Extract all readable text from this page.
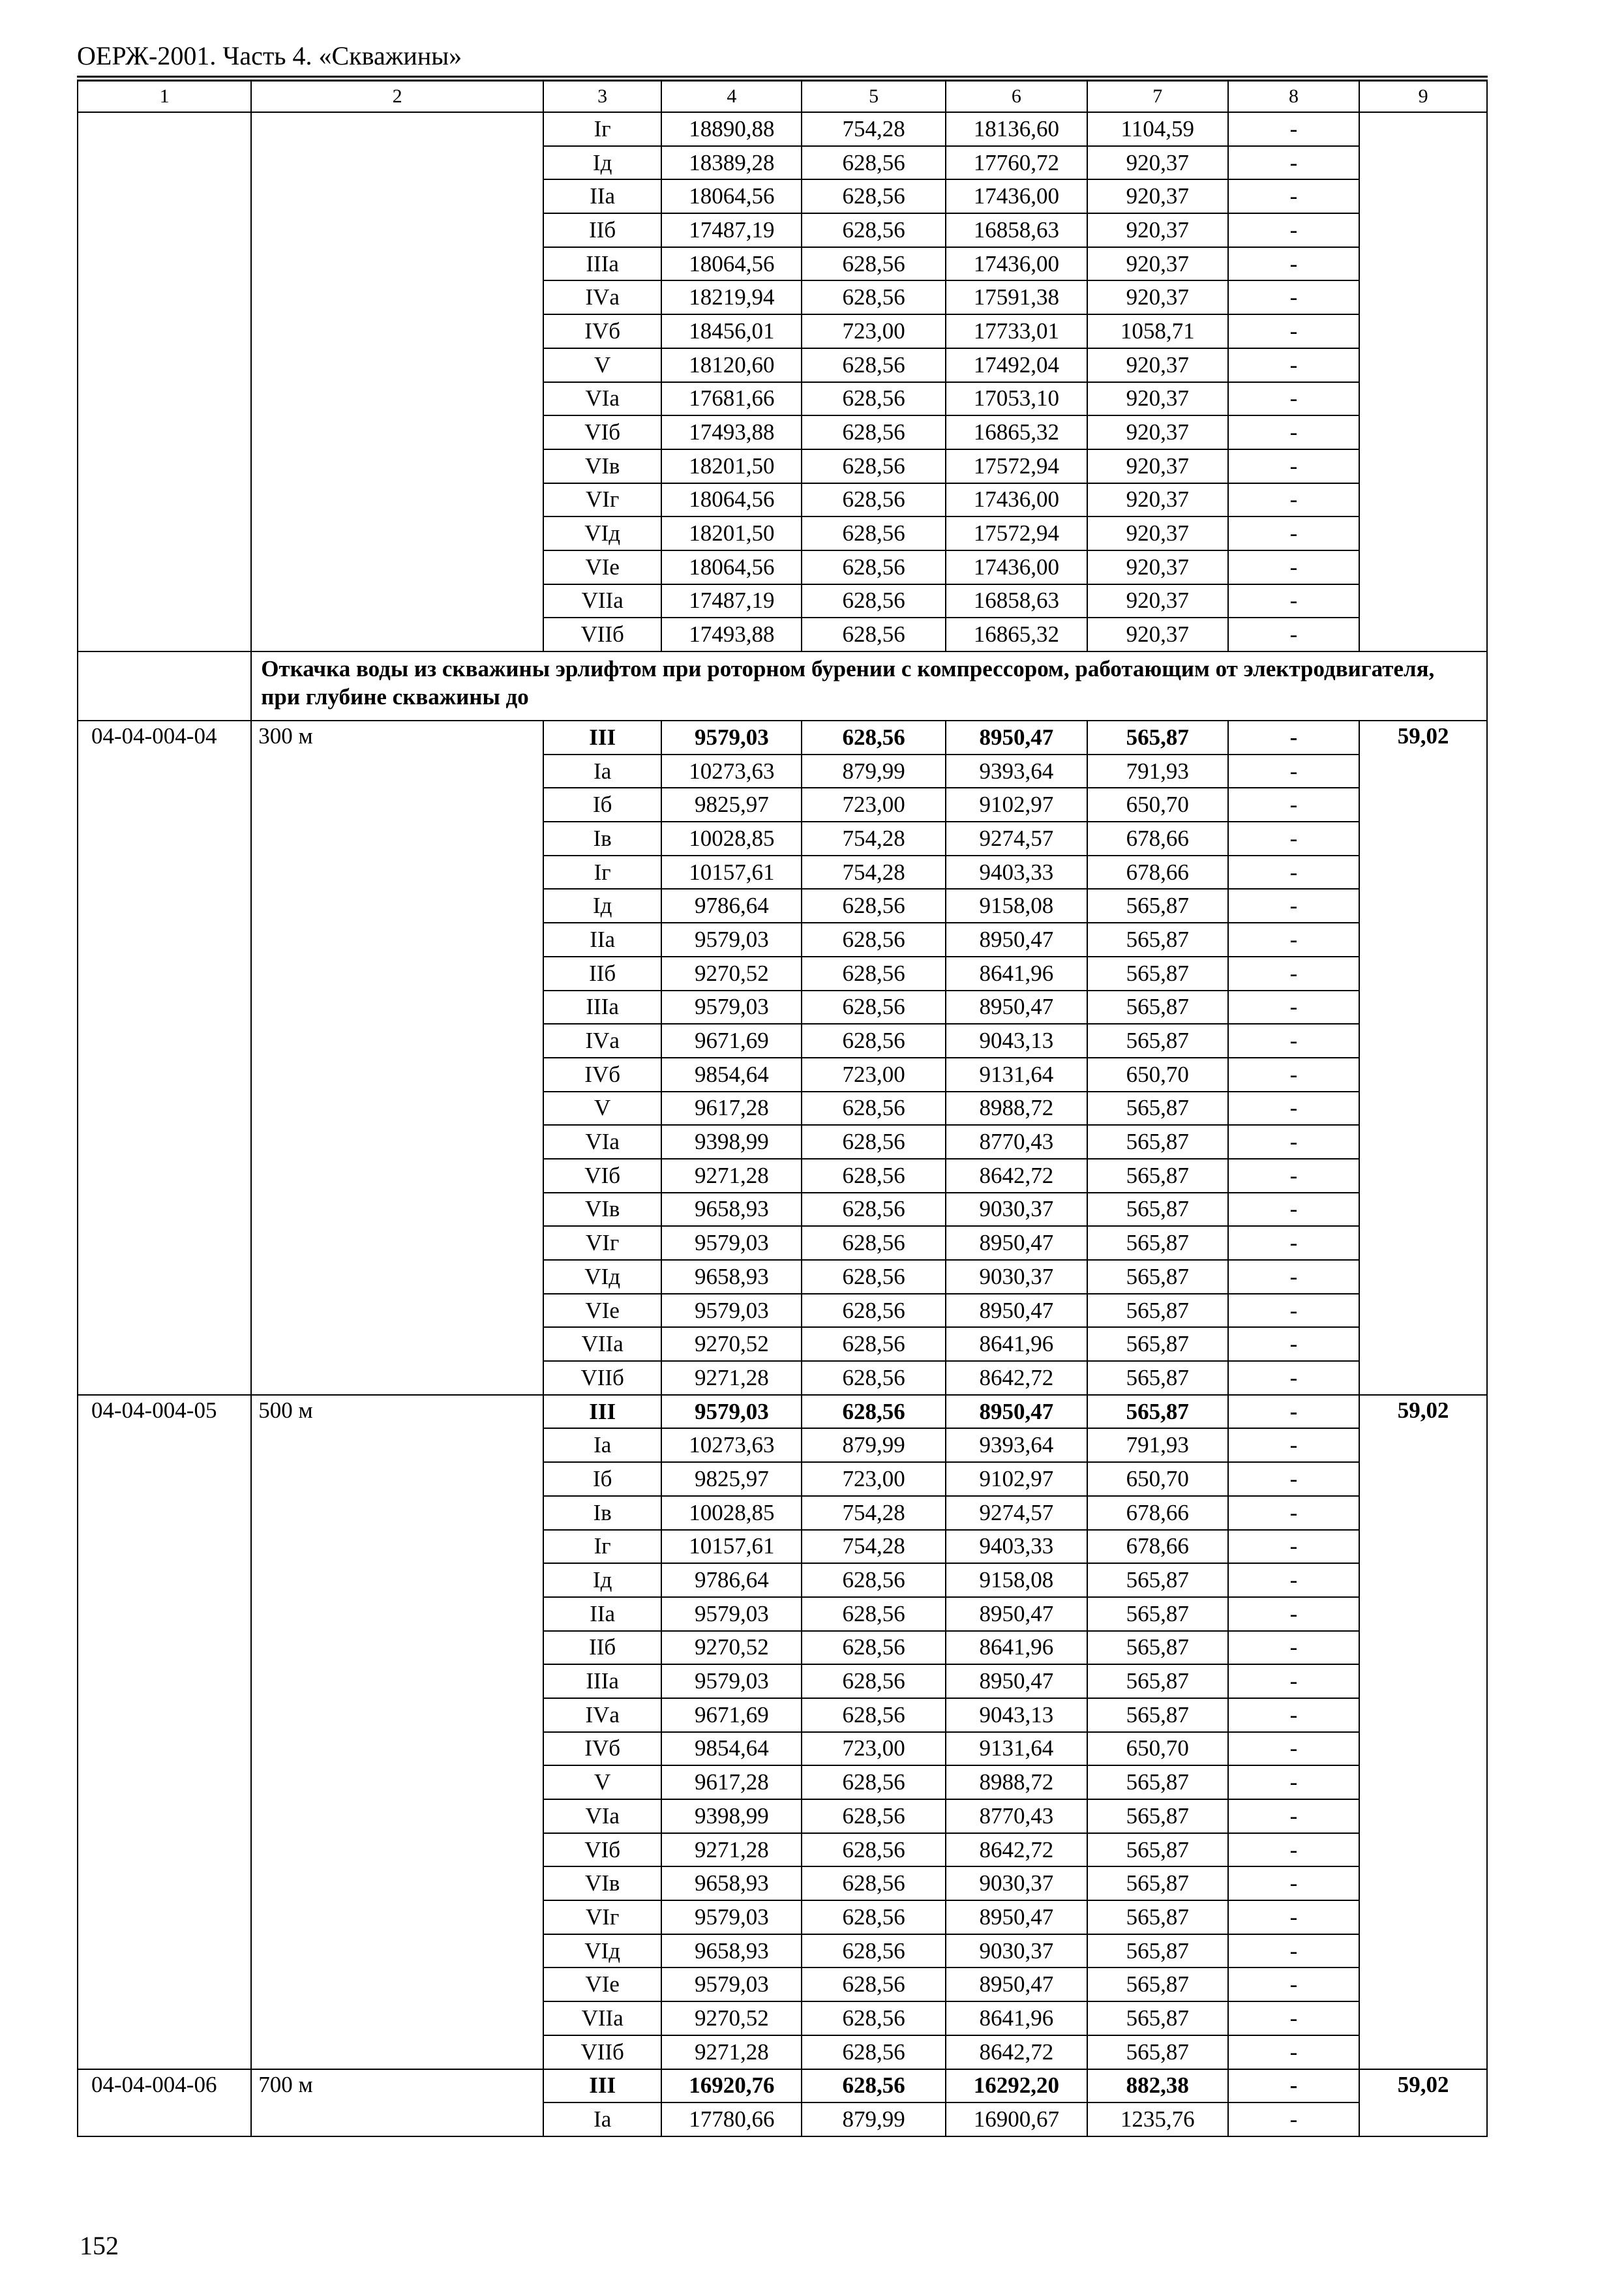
ОЕРЖ-2001. Часть 4. «Скважины»
1	2	3	4	5	6	7	8	9
		Iг	18890,88	754,28	18136,60	1104,59	-	
		Iд	18389,28	628,56	17760,72	920,37	-	
		IIа	18064,56	628,56	17436,00	920,37	-	
		IIб	17487,19	628,56	16858,63	920,37	-	
		IIIа	18064,56	628,56	17436,00	920,37	-	
		IVа	18219,94	628,56	17591,38	920,37	-	
		IVб	18456,01	723,00	17733,01	1058,71	-	
		V	18120,60	628,56	17492,04	920,37	-	
		VIа	17681,66	628,56	17053,10	920,37	-	
		VIб	17493,88	628,56	16865,32	920,37	-	
		VIв	18201,50	628,56	17572,94	920,37	-	
		VIг	18064,56	628,56	17436,00	920,37	-	
		VIд	18201,50	628,56	17572,94	920,37	-	
		VIе	18064,56	628,56	17436,00	920,37	-	
		VIIа	17487,19	628,56	16858,63	920,37	-	
		VIIб	17493,88	628,56	16865,32	920,37	-	
	Откачка воды из скважины эрлифтом при роторном бурении с компрессором, работающим от электродвигателя, при глубине скважины до							
04-04-004-04	300 м	III	9579,03	628,56	8950,47	565,87	-	59,02
		Iа	10273,63	879,99	9393,64	791,93	-	
		Iб	9825,97	723,00	9102,97	650,70	-	
		Iв	10028,85	754,28	9274,57	678,66	-	
		Iг	10157,61	754,28	9403,33	678,66	-	
		Iд	9786,64	628,56	9158,08	565,87	-	
		IIа	9579,03	628,56	8950,47	565,87	-	
		IIб	9270,52	628,56	8641,96	565,87	-	
		IIIа	9579,03	628,56	8950,47	565,87	-	
		IVа	9671,69	628,56	9043,13	565,87	-	
		IVб	9854,64	723,00	9131,64	650,70	-	
		V	9617,28	628,56	8988,72	565,87	-	
		VIа	9398,99	628,56	8770,43	565,87	-	
		VIб	9271,28	628,56	8642,72	565,87	-	
		VIв	9658,93	628,56	9030,37	565,87	-	
		VIг	9579,03	628,56	8950,47	565,87	-	
		VIд	9658,93	628,56	9030,37	565,87	-	
		VIе	9579,03	628,56	8950,47	565,87	-	
		VIIа	9270,52	628,56	8641,96	565,87	-	
		VIIб	9271,28	628,56	8642,72	565,87	-	
04-04-004-05	500 м	III	9579,03	628,56	8950,47	565,87	-	59,02
		Iа	10273,63	879,99	9393,64	791,93	-	
		Iб	9825,97	723,00	9102,97	650,70	-	
		Iв	10028,85	754,28	9274,57	678,66	-	
		Iг	10157,61	754,28	9403,33	678,66	-	
		Iд	9786,64	628,56	9158,08	565,87	-	
		IIа	9579,03	628,56	8950,47	565,87	-	
		IIб	9270,52	628,56	8641,96	565,87	-	
		IIIа	9579,03	628,56	8950,47	565,87	-	
		IVа	9671,69	628,56	9043,13	565,87	-	
		IVб	9854,64	723,00	9131,64	650,70	-	
		V	9617,28	628,56	8988,72	565,87	-	
		VIа	9398,99	628,56	8770,43	565,87	-	
		VIб	9271,28	628,56	8642,72	565,87	-	
		VIв	9658,93	628,56	9030,37	565,87	-	
		VIг	9579,03	628,56	8950,47	565,87	-	
		VIд	9658,93	628,56	9030,37	565,87	-	
		VIе	9579,03	628,56	8950,47	565,87	-	
		VIIа	9270,52	628,56	8641,96	565,87	-	
		VIIб	9271,28	628,56	8642,72	565,87	-	
04-04-004-06	700 м	III	16920,76	628,56	16292,20	882,38	-	59,02
		Iа	17780,66	879,99	16900,67	1235,76	-	
152
